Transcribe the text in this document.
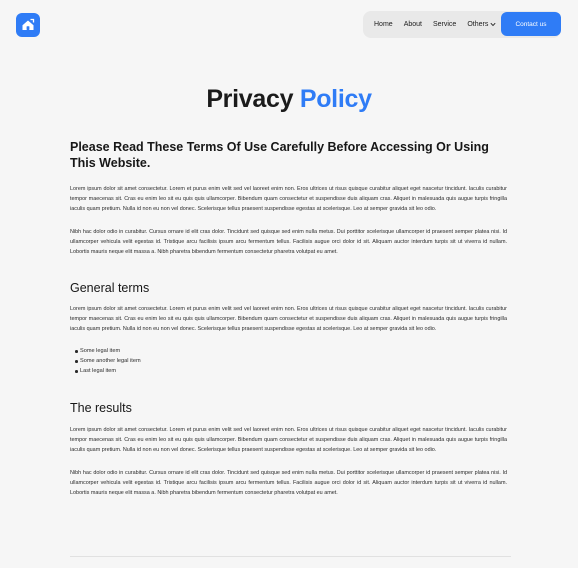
Home About Service Others	Contact us
Privacy Policy
Please Read These Terms Of Use Carefully Before Accessing Or Using This Website.

Lorem ipsum dolor sit amet consectetur. Lorem et purus enim velit sed vel laoreet enim non. Eros ultrices ut risus quisque curabitur aliquet eget nascetur tincidunt. Iaculis curabitur tempor maecenas sit. Cras eu enim leo sit eu quis quis ullamcorper. Bibendum quam consectetur et suspendisse duis aliquam cras. Aliquet in malesuada quis augue turpis fringilla iaculis quam pretium. Nulla id non eu non vel donec. Scelerisque tellus praesent suspendisse egestas at scelerisque. Leo at semper gravida sit leo odio.

Nibh hac dolor odio in curabitur. Cursus ornare id elit cras dolor. Tincidunt sed quisque sed enim nulla metus. Dui porttitor scelerisque ullamcorper id praesent semper platea nisi. Id ullamcorper vehicula velit egestas id. Tristique arcu facilisis ipsum arcu fermentum tellus. Facilisis augue orci dolor id sit. Aliquam auctor interdum turpis sit ut viverra id nullam. Lobortis mauris neque elit massa a. Nibh pharetra bibendum fermentum consectetur pharetra volutpat eu amet.

General terms

Lorem ipsum dolor sit amet consectetur. Lorem et purus enim velit sed vel laoreet enim non. Eros ultrices ut risus quisque curabitur aliquet eget nascetur tincidunt. Iaculis curabitur tempor maecenas sit. Cras eu enim leo sit eu quis quis ullamcorper. Bibendum quam consectetur et suspendisse duis aliquam cras. Aliquet in malesuada quis augue turpis fringilla iaculis quam pretium. Nulla id non eu non vel donec. Scelerisque tellus praesent suspendisse egestas at scelerisque. Leo at semper gravida sit leo odio.

Some legal item
Some another legal item
Last legal item
The results

Lorem ipsum dolor sit amet consectetur. Lorem et purus enim velit sed vel laoreet enim non. Eros ultrices ut risus quisque curabitur aliquet eget nascetur tincidunt. Iaculis curabitur tempor maecenas sit. Cras eu enim leo sit eu quis quis ullamcorper. Bibendum quam consectetur et suspendisse duis aliquam cras. Aliquet in malesuada quis augue turpis fringilla iaculis quam pretium. Nulla id non eu non vel donec. Scelerisque tellus praesent suspendisse egestas at scelerisque. Leo at semper gravida sit leo odio.

Nibh hac dolor odio in curabitur. Cursus ornare id elit cras dolor. Tincidunt sed quisque sed enim nulla metus. Dui porttitor scelerisque ullamcorper id praesent semper platea nisi. Id ullamcorper vehicula velit egestas id. Tristique arcu facilisis ipsum arcu fermentum tellus. Facilisis augue orci dolor id sit. Aliquam auctor interdum turpis sit ut viverra id nullam. Lobortis mauris neque elit massa a. Nibh pharetra bibendum fermentum consectetur pharetra volutpat eu amet.
